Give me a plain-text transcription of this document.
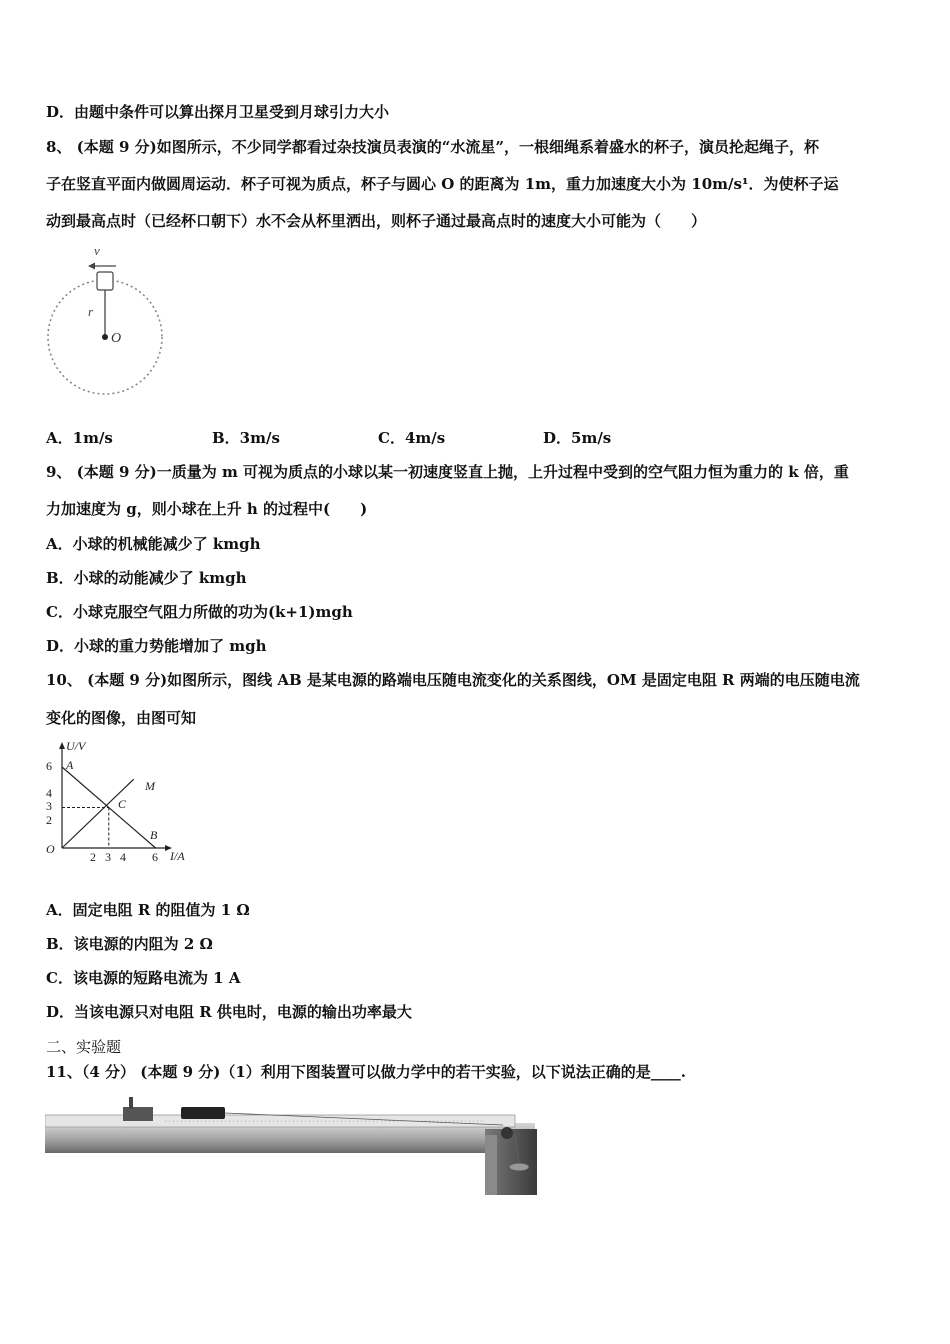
D．由题中条件可以算出探月卫星受到月球引力大小
8、 (本题 9 分)如图所示，不少同学都看过杂技演员表演的“水流星”，一根细绳系着盛水的杯子，演员抡起绳子，杯
子在竖直平面内做圆周运动．杯子可视为质点，杯子与圆心 O 的距离为 1m，重力加速度大小为 10m/s¹．为使杯子运
动到最高点时（已经杯口朝下）水不会从杯里洒出，则杯子通过最高点时的速度大小可能为（　　）
v
r
O
A．1m/s	B．3m/s	C．4m/s	D．5m/s
9、 (本题 9 分)一质量为 m 可视为质点的小球以某一初速度竖直上抛，上升过程中受到的空气阻力恒为重力的 k 倍，重
力加速度为 g，则小球在上升 h 的过程中(　　)
A．小球的机械能减少了 kmgh
B．小球的动能减少了 kmgh
C．小球克服空气阻力所做的功为(k+1)mgh
D．小球的重力势能增加了 mgh
10、 (本题 9 分)如图所示，图线 AB 是某电源的路端电压随电流变化的关系图线，OM 是固定电阻 R 两端的电压随电流
变化的图像，由图可知
U/V
I/A
6
4
3
2
2 3 4 6
A
M
C
B
O
A．固定电阻 R 的阻值为 1 Ω
B．该电源的内阻为 2 Ω
C．该电源的短路电流为 1 A
D．当该电源只对电阻 R 供电时，电源的输出功率最大
二、实验题
11、（4 分） (本题 9 分)（1）利用下图装置可以做力学中的若干实验，以下说法正确的是____.
